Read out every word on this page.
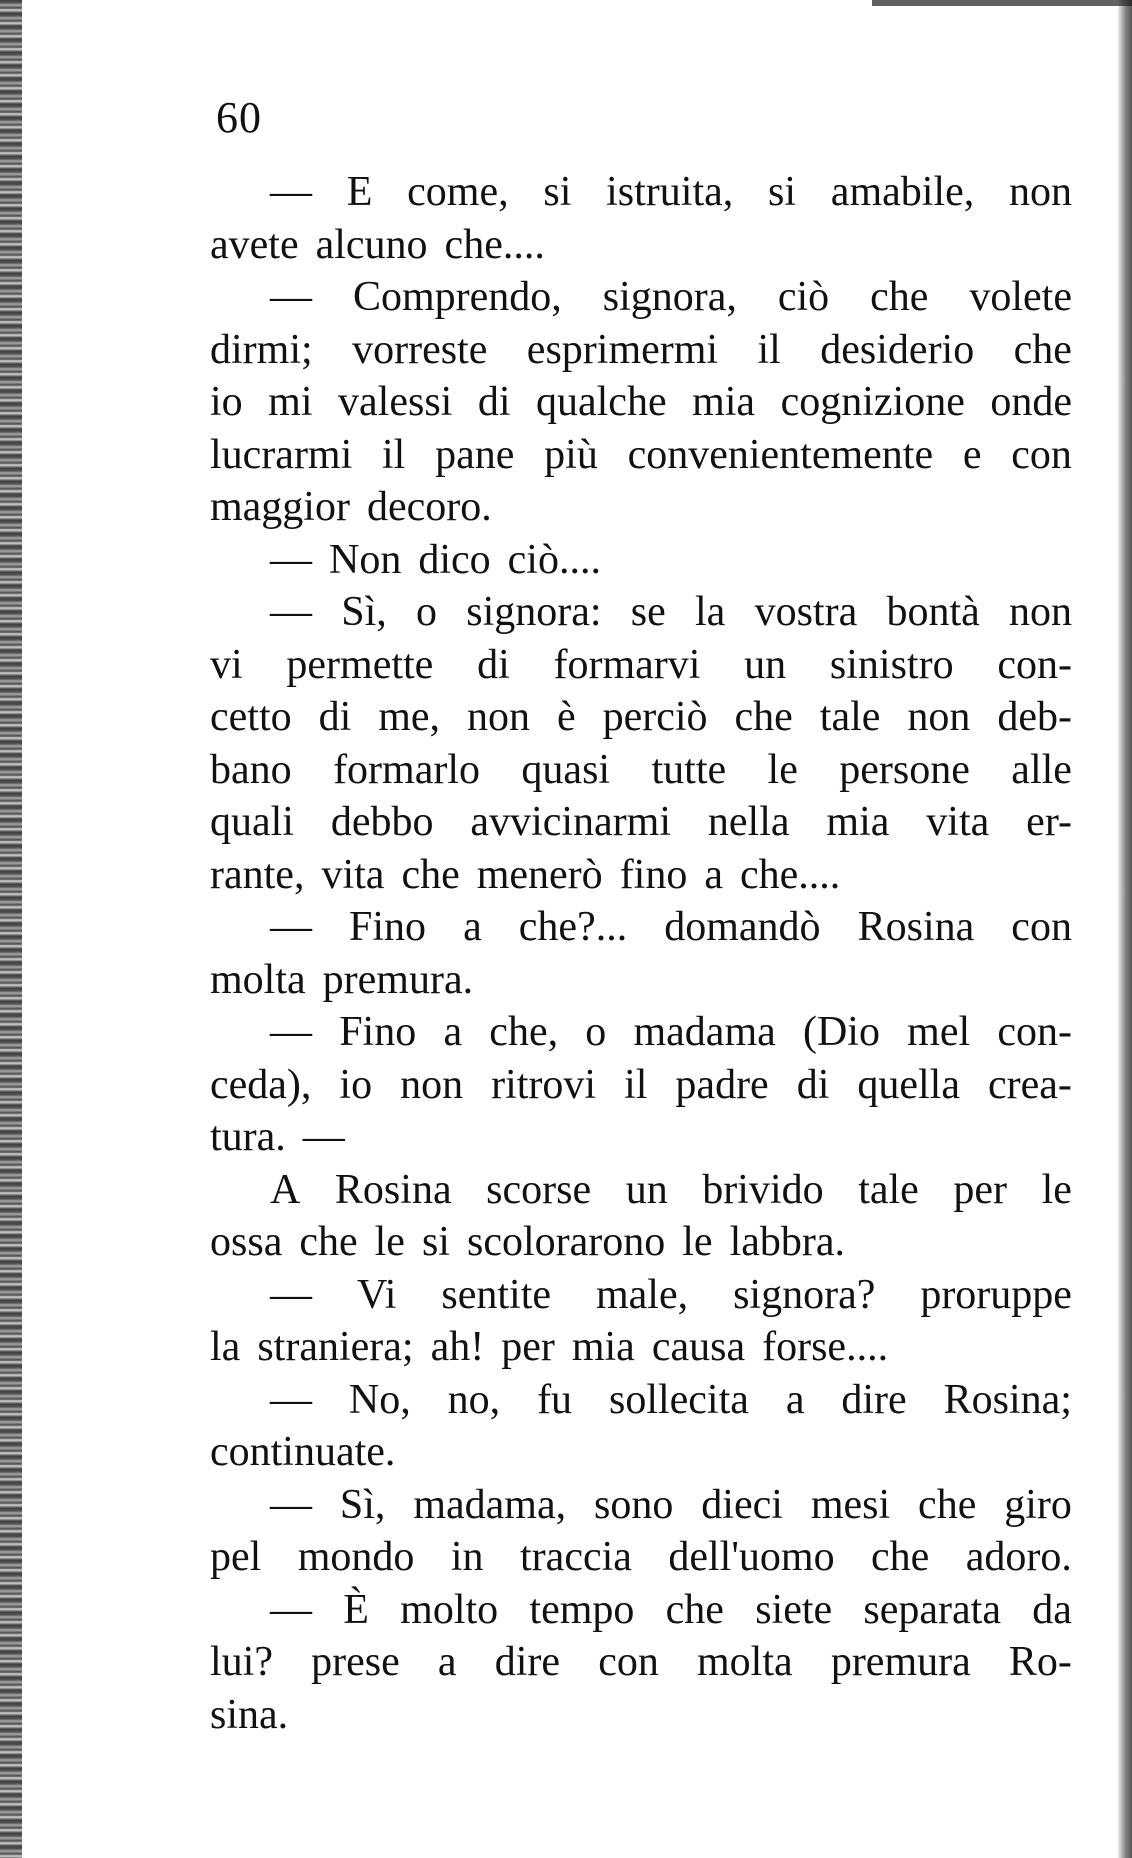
60
— E come, si istruita, si amabile, non
avete alcuno che....
— Comprendo, signora, ciò che volete
dirmi; vorreste esprimermi il desiderio che
io mi valessi di qualche mia cognizione onde
lucrarmi il pane più convenientemente e con
maggior decoro.
— Non dico ciò....
— Sì, o signora: se la vostra bontà non
vi permette di formarvi un sinistro con-
cetto di me, non è perciò che tale non deb-
bano formarlo quasi tutte le persone alle
quali debbo avvicinarmi nella mia vita er-
rante, vita che menerò fino a che....
— Fino a che?... domandò Rosina con
molta premura.
— Fino a che, o madama (Dio mel con-
ceda), io non ritrovi il padre di quella crea-
tura. —
A Rosina scorse un brivido tale per le
ossa che le si scolorarono le labbra.
— Vi sentite male, signora? proruppe
la straniera; ah! per mia causa forse....
— No, no, fu sollecita a dire Rosina;
continuate.
— Sì, madama, sono dieci mesi che giro
pel mondo in traccia dell'uomo che adoro.
— È molto tempo che siete separata da
lui? prese a dire con molta premura Ro-
sina.
